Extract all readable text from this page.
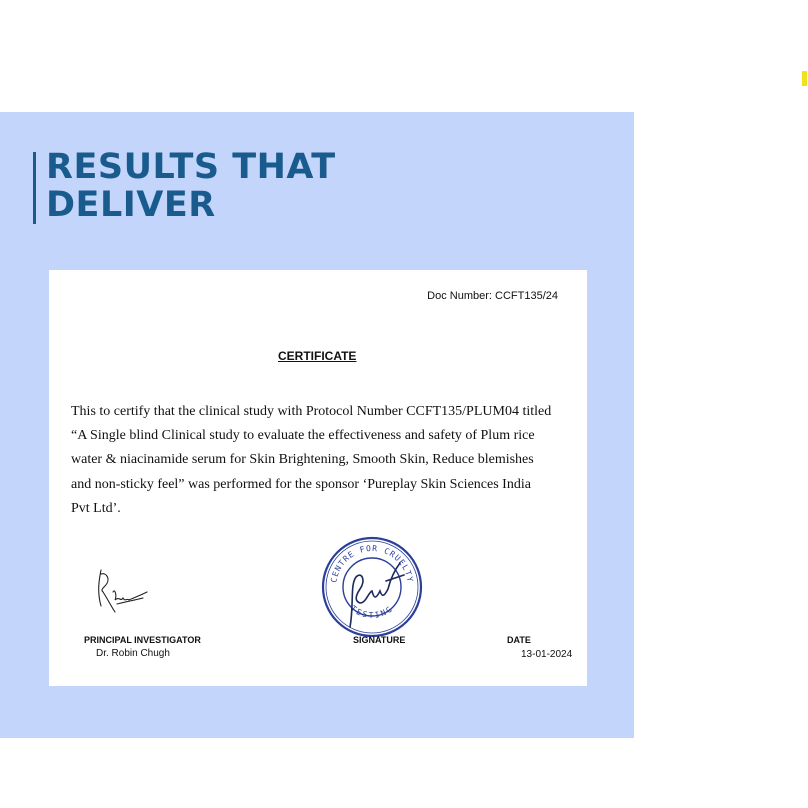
RESULTS THAT
DELIVER
Doc Number: CCFT135/24
CERTIFICATE

This to certify that the clinical study with Protocol Number CCFT135/PLUM04 titled
“A Single blind Clinical study to evaluate the effectiveness and safety of Plum rice
water & niacinamide serum for Skin Brightening, Smooth Skin, Reduce blemishes
and non-sticky feel” was performed for the sponsor ‘Pureplay Skin Sciences India
Pvt Ltd’.

CENTRE FOR CRUELTY
TESTING
PRINCIPAL INVESTIGATOR
Dr. Robin Chugh
SIGNATURE	DATE
13-01-2024
